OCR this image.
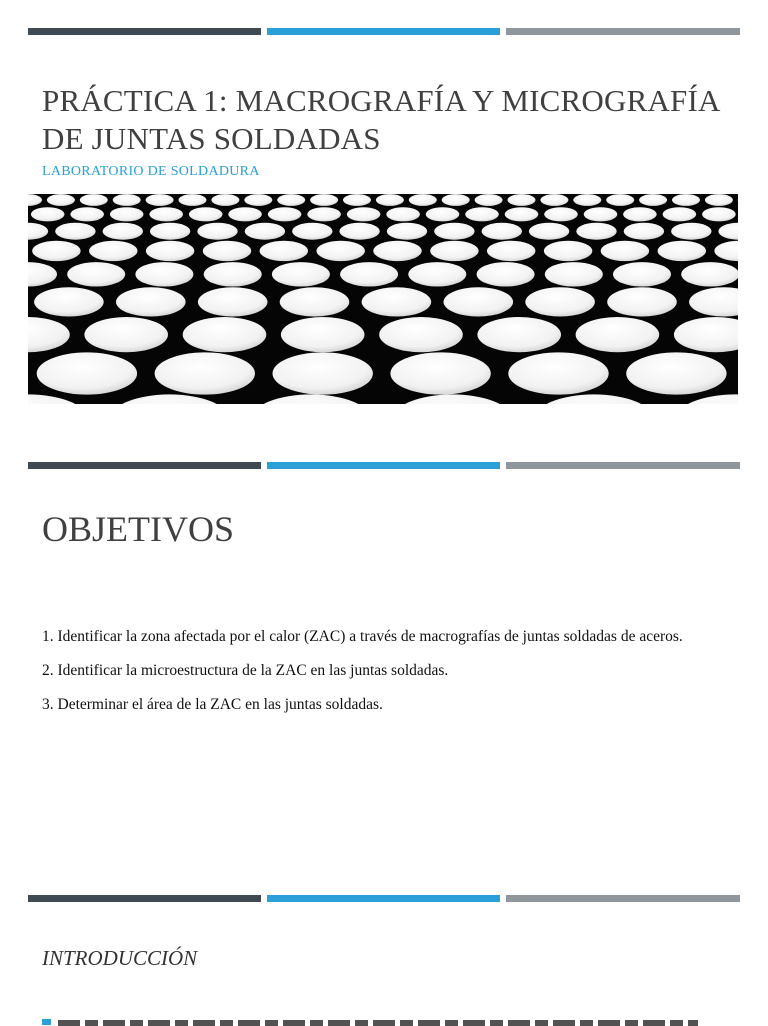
PRÁCTICA 1: MACROGRAFÍA Y MICROGRAFÍA DE JUNTAS SOLDADAS
LABORATORIO DE SOLDADURA
OBJETIVOS
1. Identificar la zona afectada por el calor (ZAC) a través de macrografías de juntas soldadas de aceros.
2. Identificar la microestructura de la ZAC en las juntas soldadas.
3. Determinar el área de la ZAC en las juntas soldadas.
INTRODUCCIÓN
